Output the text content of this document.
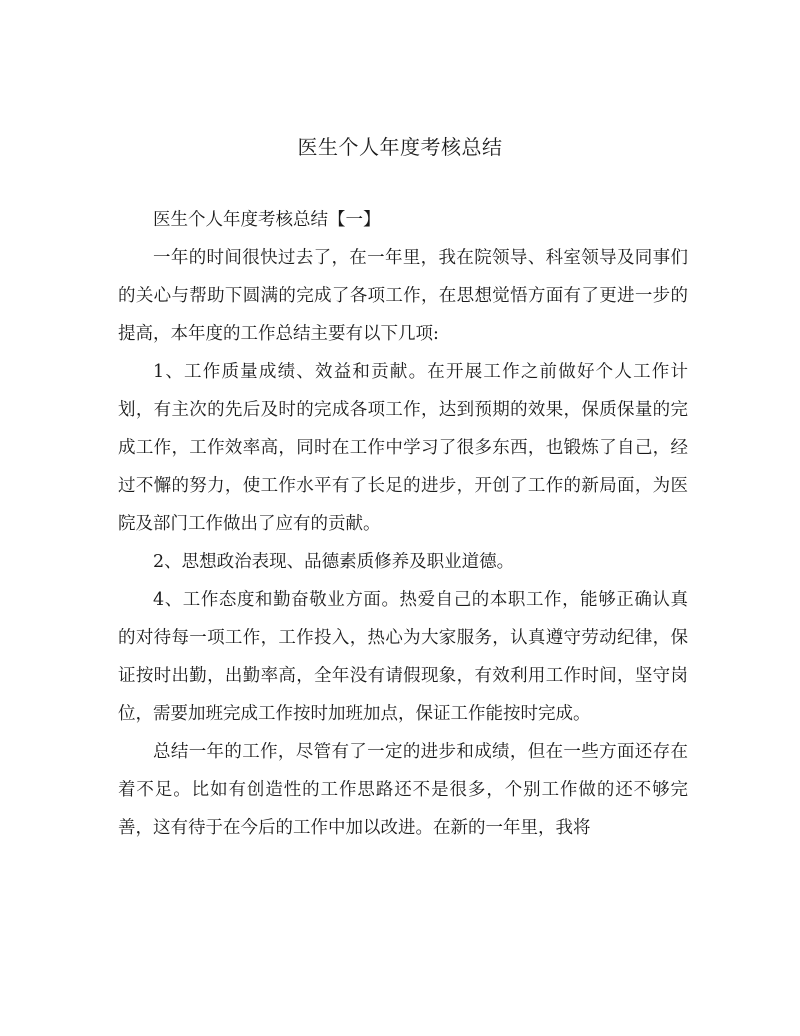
医生个人年度考核总结

医生个人年度考核总结【一】

一年的时间很快过去了，在一年里，我在院领导、科室领导及同事们的关心与帮助下圆满的完成了各项工作，在思想觉悟方面有了更进一步的提高，本年度的工作总结主要有以下几项:

1、工作质量成绩、效益和贡献。在开展工作之前做好个人工作计划，有主次的先后及时的完成各项工作，达到预期的效果，保质保量的完成工作，工作效率高，同时在工作中学习了很多东西，也锻炼了自己，经过不懈的努力，使工作水平有了长足的进步，开创了工作的新局面，为医院及部门工作做出了应有的贡献。

2、思想政治表现、品德素质修养及职业道德。

4、工作态度和勤奋敬业方面。热爱自己的本职工作，能够正确认真的对待每一项工作，工作投入，热心为大家服务，认真遵守劳动纪律，保证按时出勤，出勤率高，全年没有请假现象，有效利用工作时间，坚守岗位，需要加班完成工作按时加班加点，保证工作能按时完成。

总结一年的工作，尽管有了一定的进步和成绩，但在一些方面还存在着不足。比如有创造性的工作思路还不是很多，个别工作做的还不够完善，这有待于在今后的工作中加以改进。在新的一年里，我将
